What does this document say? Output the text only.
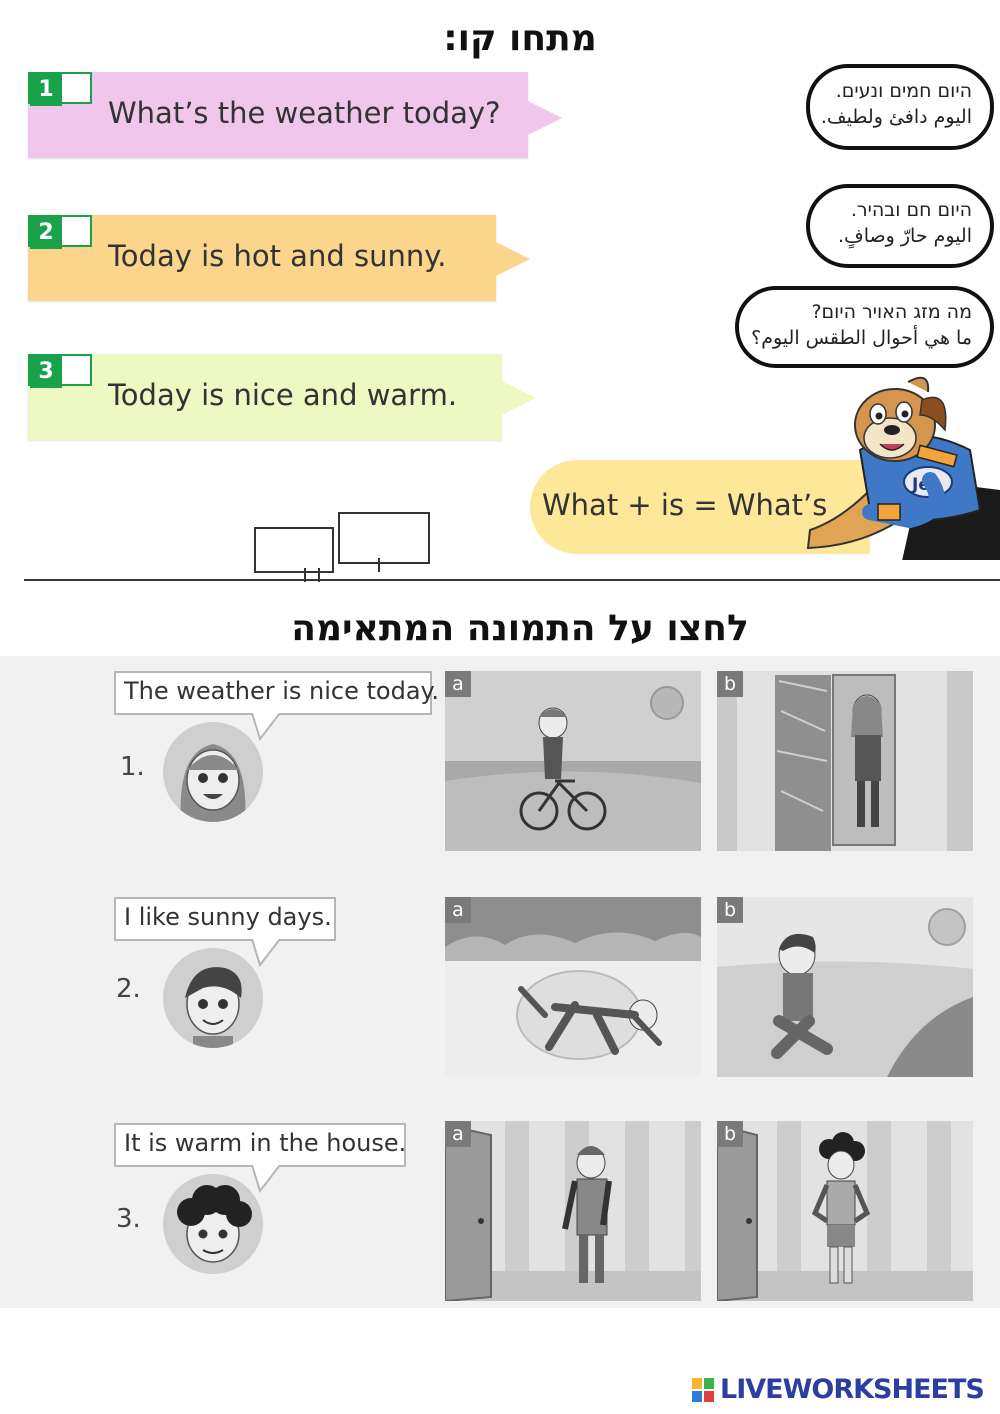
מתחו קו:
1
What’s the weather today?
2
Today is hot and sunny.
3
Today is nice and warm.
היום חמים ונעים.
اليوم دافئ ولطيف.
היום חם ובהיר.
اليوم حارّ وصافٍ.
מה מזג האויר היום?
ما هي أحوال الطقس اليوم؟
What + is = What’s
Jet
לחצו על התמונה המתאימה
The weather is nice today.
1.
a	b
I like sunny days.
2.
a	b
It is warm in the house.
3.
a	b
LIVEWORKSHEETS
